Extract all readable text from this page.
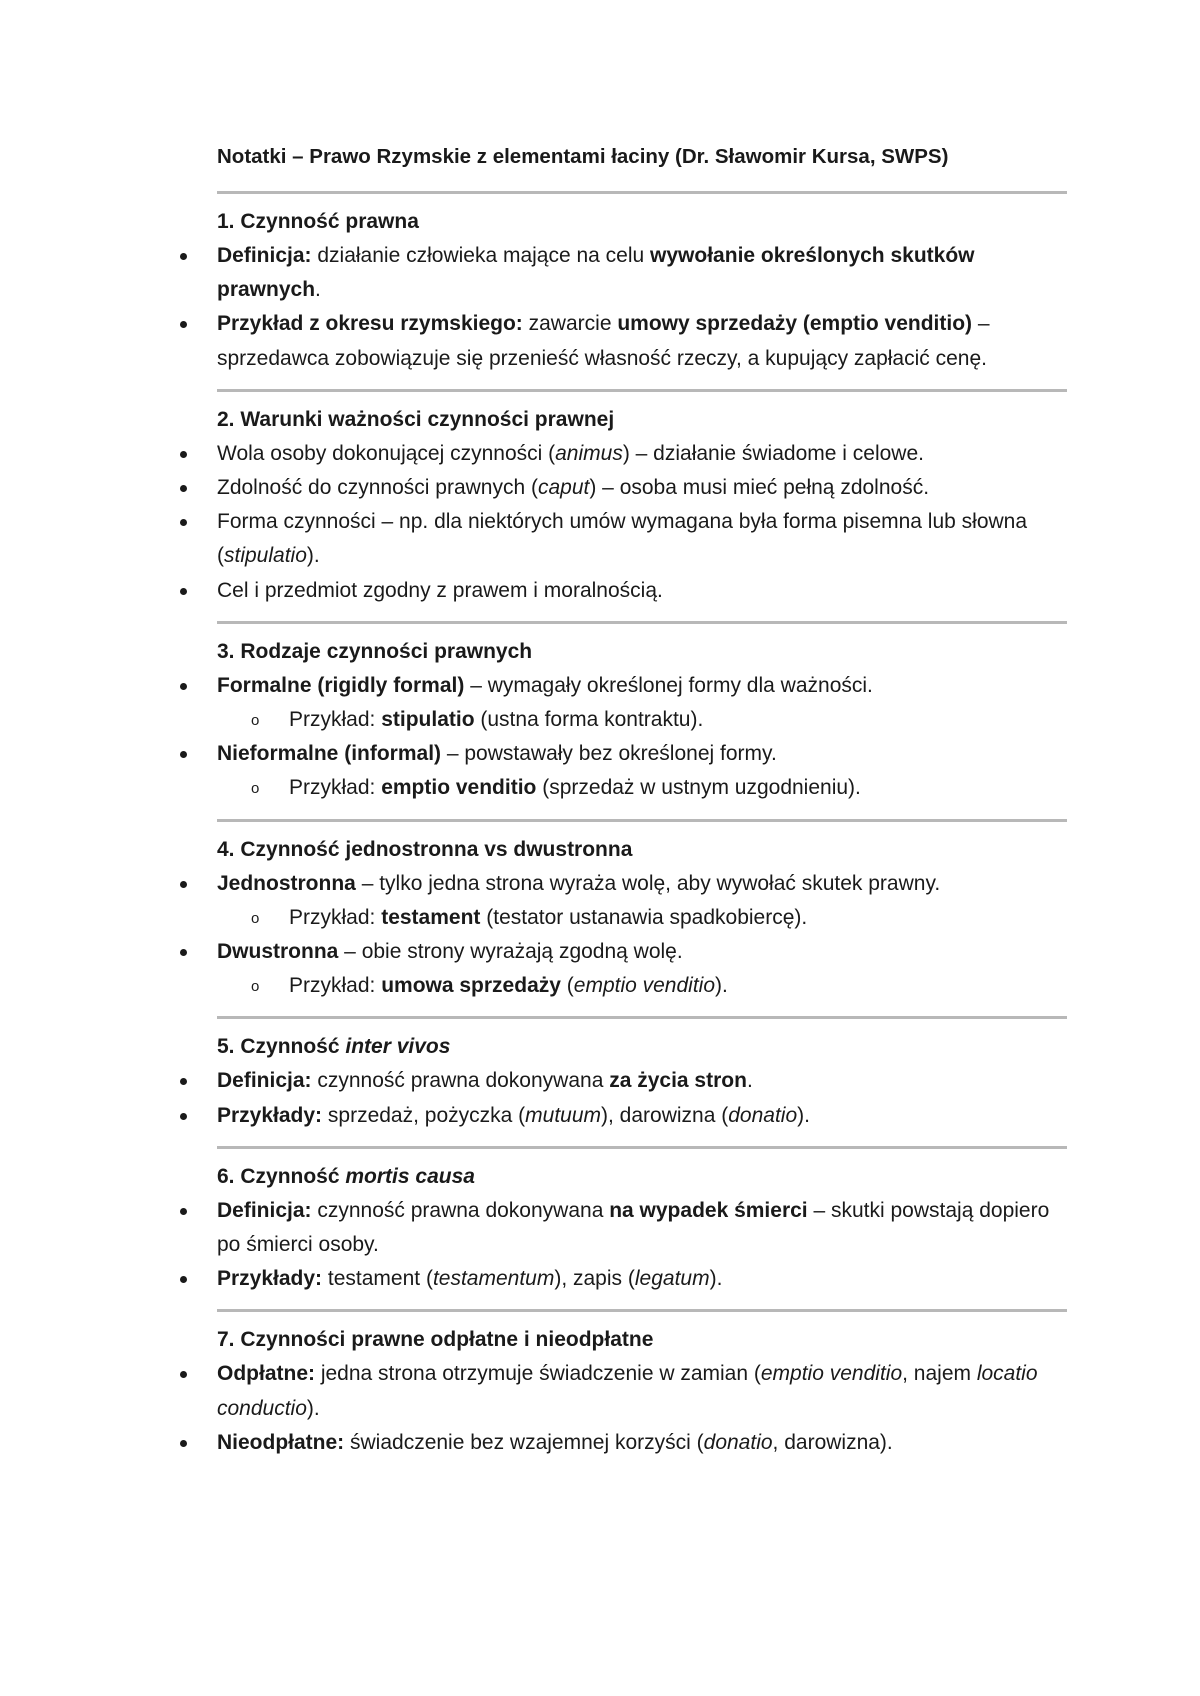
Notatki – Prawo Rzymskie z elementami łaciny (Dr. Sławomir Kursa, SWPS)

1. Czynność prawna

Definicja: działanie człowieka mające na celu wywołanie określonych skutków prawnych.
Przykład z okresu rzymskiego: zawarcie umowy sprzedaży (emptio venditio) – sprzedawca zobowiązuje się przenieść własność rzeczy, a kupujący zapłacić cenę.

2. Warunki ważności czynności prawnej

Wola osoby dokonującej czynności (animus) – działanie świadome i celowe.
Zdolność do czynności prawnych (caput) – osoba musi mieć pełną zdolność.
Forma czynności – np. dla niektórych umów wymagana była forma pisemna lub słowna (stipulatio).
Cel i przedmiot zgodny z prawem i moralnością.

3. Rodzaje czynności prawnych

Formalne (rigidly formal) – wymagały określonej formy dla ważności.
o Przykład: stipulatio (ustna forma kontraktu).
Nieformalne (informal) – powstawały bez określonej formy.
o Przykład: emptio venditio (sprzedaż w ustnym uzgodnieniu).

4. Czynność jednostronna vs dwustronna

Jednostronna – tylko jedna strona wyraża wolę, aby wywołać skutek prawny.
o Przykład: testament (testator ustanawia spadkobiercę).
Dwustronna – obie strony wyrażają zgodną wolę.
o Przykład: umowa sprzedaży (emptio venditio).

5. Czynność inter vivos

Definicja: czynność prawna dokonywana za życia stron.
Przykłady: sprzedaż, pożyczka (mutuum), darowizna (donatio).

6. Czynność mortis causa

Definicja: czynność prawna dokonywana na wypadek śmierci – skutki powstają dopiero po śmierci osoby.
Przykłady: testament (testamentum), zapis (legatum).

7. Czynności prawne odpłatne i nieodpłatne

Odpłatne: jedna strona otrzymuje świadczenie w zamian (emptio venditio, najem locatio conductio).
Nieodpłatne: świadczenie bez wzajemnej korzyści (donatio, darowizna).
